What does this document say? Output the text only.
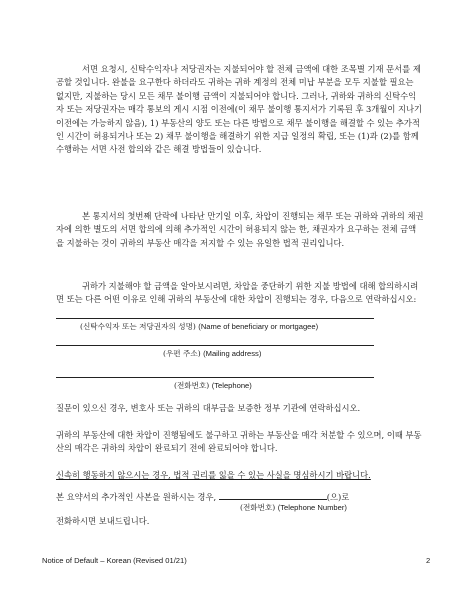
서면 요청시, 신탁수익자나 저당권자는 지불되어야 할 전체 금액에 대한 조목별 기재 문서를 제공할 것입니다. 완불을 요구한다 하더라도 귀하는 귀하 계정의 전체 미납 부분을 모두 지불할 필요는 없지만, 지불하는 당시 모든 채무 불이행 금액이 지불되어야 합니다. 그러나, 귀하와 귀하의 신탁수익자 또는 저당권자는 매각 통보의 게시 시점 이전에(이 채무 불이행 통지서가 기록된 후 3개월이 지나기 이전에는 가능하지 않음), 1) 부동산의 양도 또는 다른 방법으로 채무 불이행을 해결할 수 있는 추가적인 시간이 허용되거나 또는 2) 채무 불이행을 해결하기 위한 지급 일정의 확립, 또는 (1)과 (2)를 함께 수행하는 서면 사전 합의와 같은 해결 방법들이 있습니다.

본 통지서의 첫번째 단락에 나타난 만기일 이후, 차압이 진행되는 채무 또는 귀하와 귀하의 채권자에 의한 별도의 서면 합의에 의해 추가적인 시간이 허용되지 않는 한, 채권자가 요구하는 전체 금액을 지불하는 것이 귀하의 부동산 매각을 저지할 수 있는 유일한 법적 권리입니다.

귀하가 지불해야 할 금액을 알아보시려면, 차압을 중단하기 위한 지불 방법에 대해 합의하시려면 또는 다른 어떤 이유로 인해 귀하의 부동산에 대한 차압이 진행되는 경우, 다음으로 연락하십시오:

(신탁수익자 또는 저당권자의 성명) (Name of beneficiary or mortgagee)
(우편 주소) (Mailing address)
(전화번호) (Telephone)

질문이 있으신 경우, 변호사 또는 귀하의 대부금을 보증한 정부 기관에 연락하십시오.

귀하의 부동산에 대한 차압이 진행됨에도 불구하고 귀하는 부동산을 매각 처분할 수 있으며, 이때 부동산의 매각은 귀하의 차압이 완료되기 전에 완료되어야 합니다.

신속히 행동하지 않으시는 경우, 법적 권리를 잃을 수 있는 사실을 명심하시기 바랍니다.

본 요약서의 추가적인 사본을 원하시는 경우,	(으)로
(전화번호) (Telephone Number)
전화하시면 보내드립니다.
Notice of Default – Korean (Revised 01/21)	2
